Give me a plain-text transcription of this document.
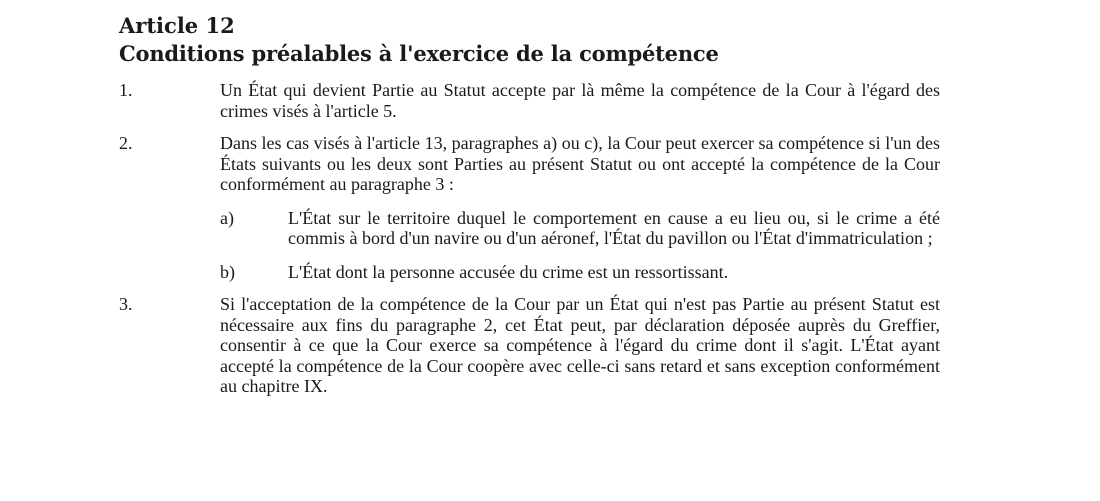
Article 12
Conditions préalables à l'exercice de la compétence
1.	Un État qui devient Partie au Statut accepte par là même la compétence de la Cour à l'égard des crimes visés à l'article 5.
2.	Dans les cas visés à l'article 13, paragraphes a) ou c), la Cour peut exercer sa compétence si l'un des États suivants ou les deux sont Parties au présent Statut ou ont accepté la compétence de la Cour conformément au paragraphe 3 :
a)	L'État sur le territoire duquel le comportement en cause a eu lieu ou, si le crime a été commis à bord d'un navire ou d'un aéronef, l'État du pavillon ou l'État d'immatriculation ;
b)	L'État dont la personne accusée du crime est un ressortissant.
3.	Si l'acceptation de la compétence de la Cour par un État qui n'est pas Partie au présent Statut est nécessaire aux fins du paragraphe 2, cet État peut, par déclaration déposée auprès du Greffier, consentir à ce que la Cour exerce sa compétence à l'égard du crime dont il s'agit. L'État ayant accepté la compétence de la Cour coopère avec celle-ci sans retard et sans exception conformément au chapitre IX.
